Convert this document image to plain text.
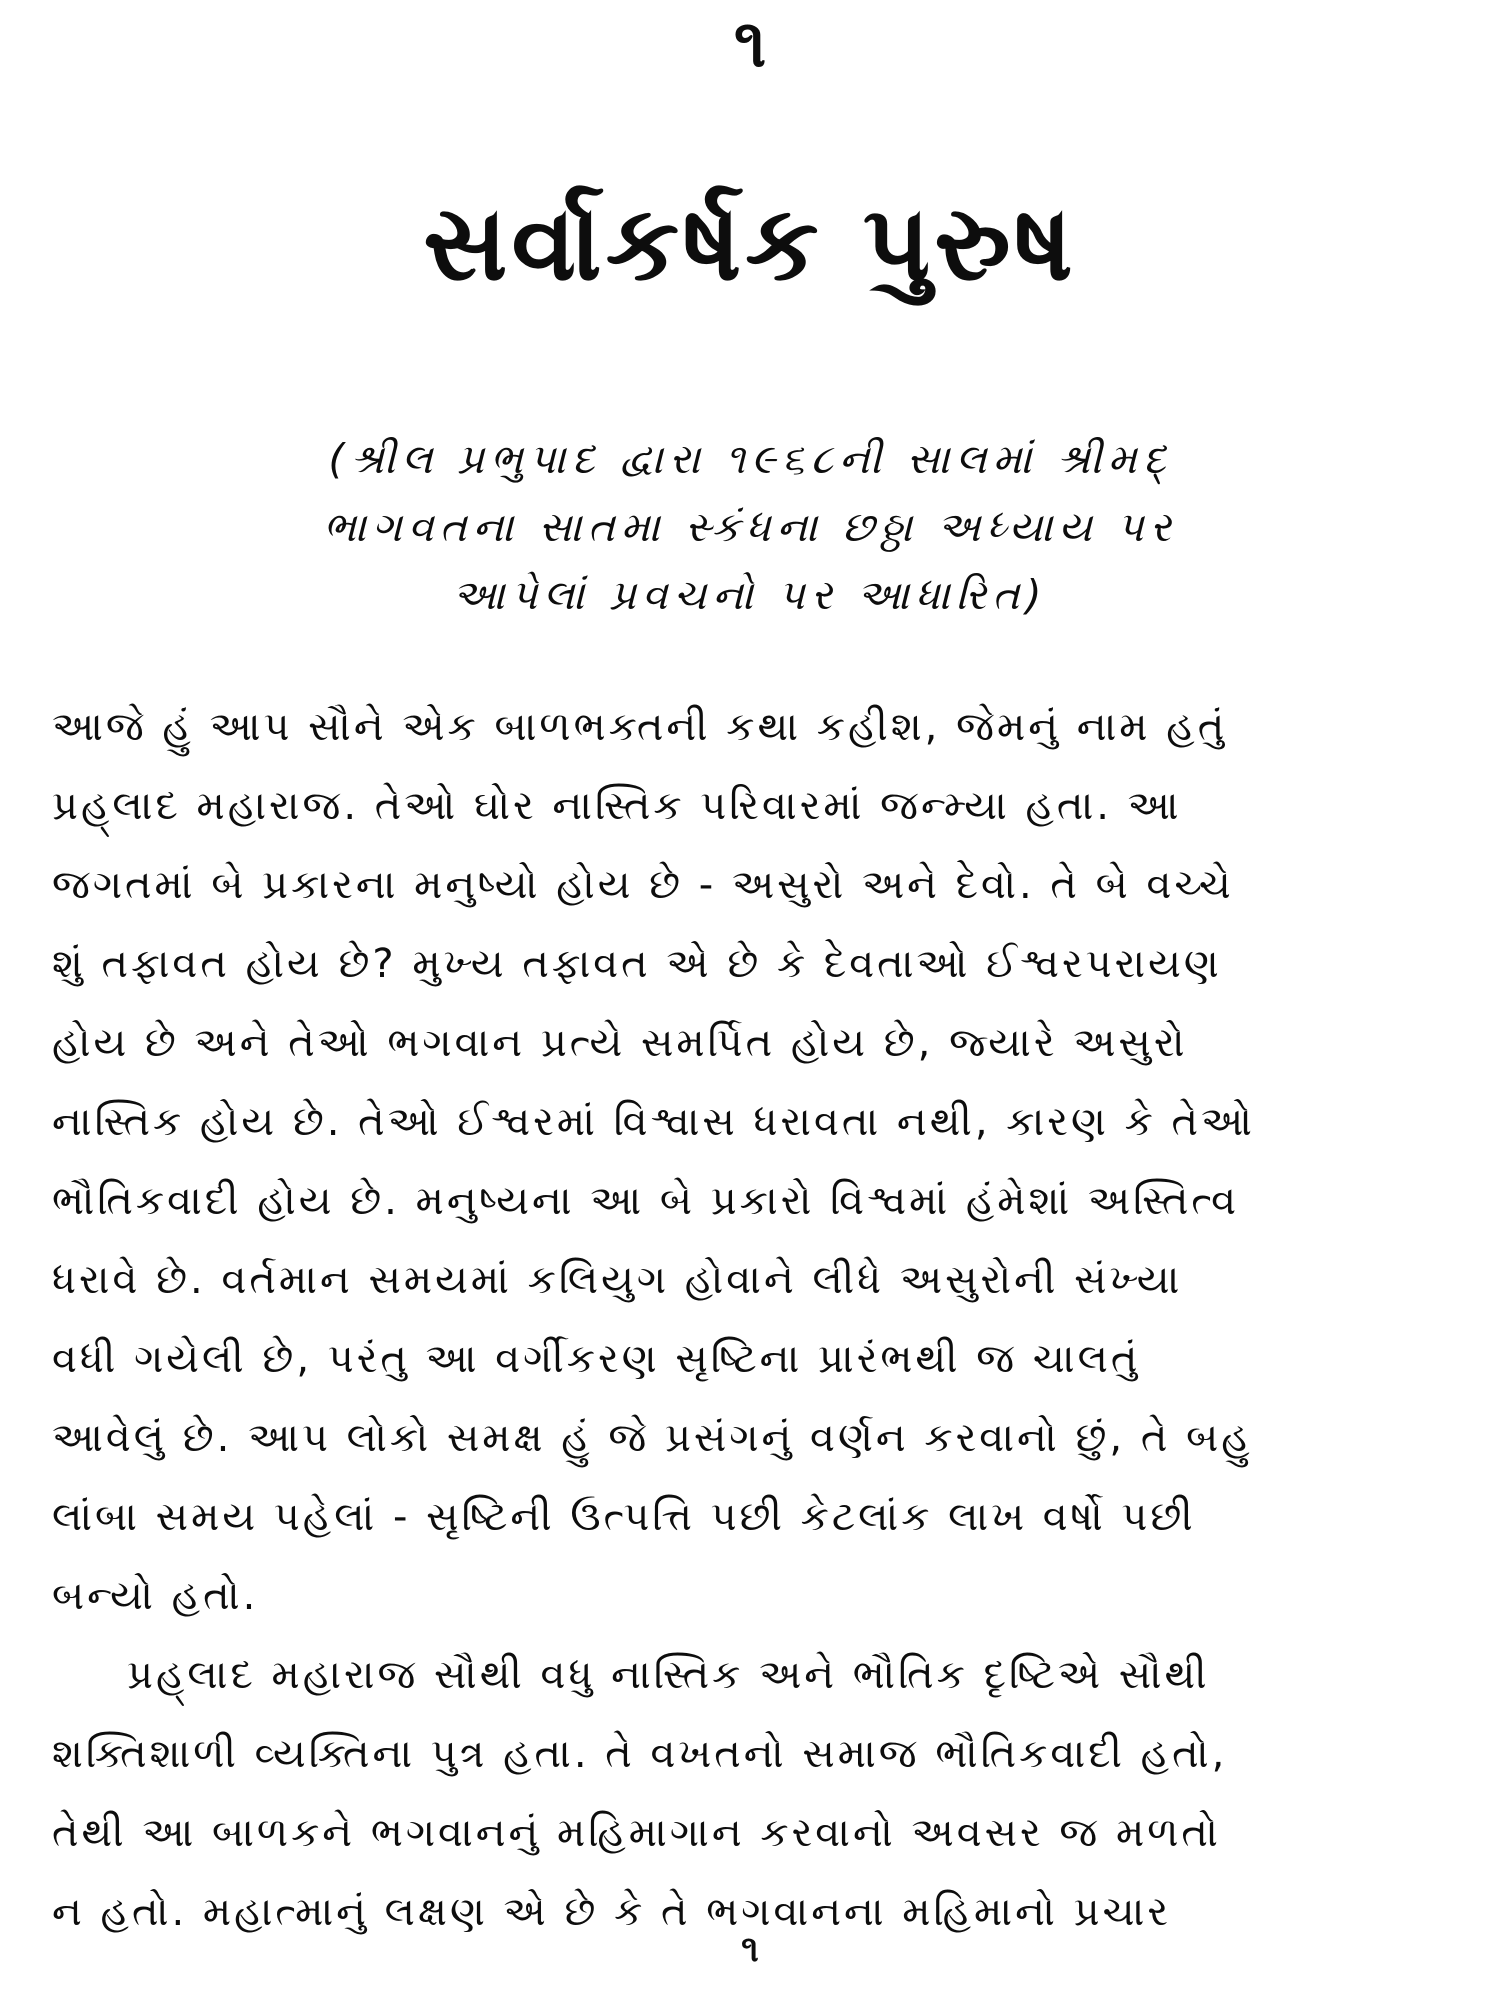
૧
સર્વાકર્ષક પુરુષ
(શ્રીલ પ્રભુપાદ દ્વારા ૧૯૬૮ની સાલમાં શ્રીમદ્
ભાગવતના સાતમા સ્કંધના છઠ્ઠા અધ્યાય પર
આપેલાં પ્રવચનો પર આધારિત)
આજે હું આપ સૌને એક બાળભક્તની કથા કહીશ, જેમનું નામ હતું
પ્રહ્‌લાદ મહારાજ. તેઓ ઘોર નાસ્તિક પરિવારમાં જન્મ્યા હતા. આ
જગતમાં બે પ્રકારના મનુષ્યો હોય છે - અસુરો અને દેવો. તે બે વચ્ચે
શું તફાવત હોય છે? મુખ્ય તફાવત એ છે કે દેવતાઓ ઈશ્વરપરાયણ
હોય છે અને તેઓ ભગવાન પ્રત્યે સમર્પિત હોય છે, જ્યારે અસુરો
નાસ્તિક હોય છે. તેઓ ઈશ્વરમાં વિશ્વાસ ધરાવતા નથી, કારણ કે તેઓ
ભૌતિકવાદી હોય છે. મનુષ્યના આ બે પ્રકારો વિશ્વમાં હંમેશાં અસ્તિત્વ
ધરાવે છે. વર્તમાન સમયમાં કલિયુગ હોવાને લીધે અસુરોની સંખ્યા
વધી ગયેલી છે, પરંતુ આ વર્ગીકરણ સૃષ્ટિના પ્રારંભથી જ ચાલતું
આવેલું છે. આપ લોકો સમક્ષ હું જે પ્રસંગનું વર્ણન કરવાનો છું, તે બહુ
લાંબા સમય પહેલાં - સૃષ્ટિની ઉત્પત્તિ પછી કેટલાંક લાખ વર્ષો પછી
બન્યો હતો.
પ્રહ્‌લાદ મહારાજ સૌથી વધુ નાસ્તિક અને ભૌતિક દૃષ્ટિએ સૌથી
શક્તિશાળી વ્યક્તિના પુત્ર હતા. તે વખતનો સમાજ ભૌતિકવાદી હતો,
તેથી આ બાળકને ભગવાનનું મહિમાગાન કરવાનો અવસર જ મળતો
ન હતો. મહાત્માનું લક્ષણ એ છે કે તે ભગવાનના મહિમાનો પ્રચાર
૧
